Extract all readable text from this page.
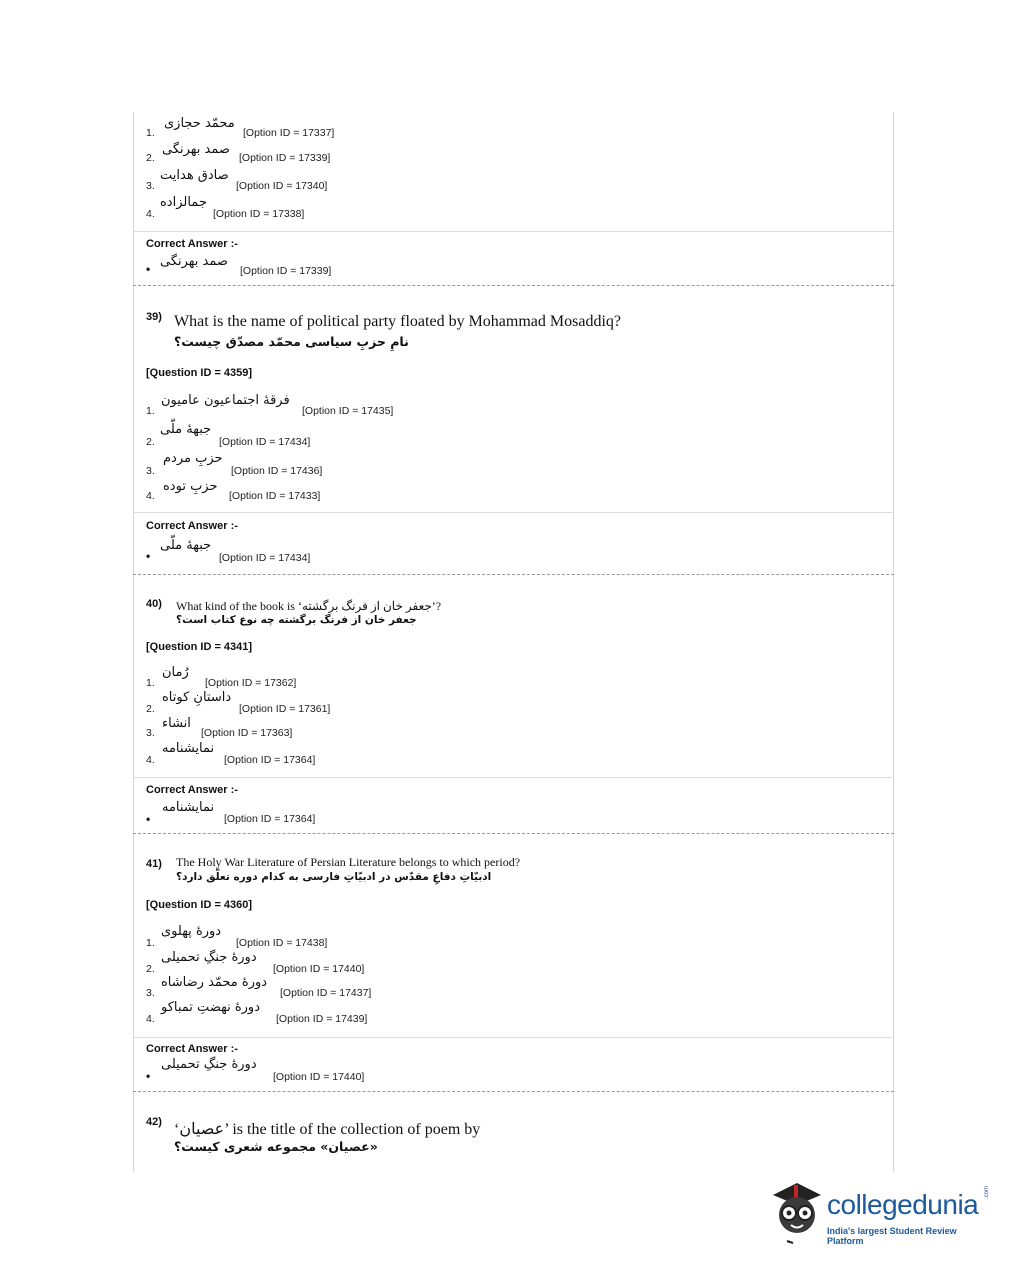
1.
محمّد حجازی
[Option ID = 17337]
2.
صمد بهرنگی
[Option ID = 17339]
3.
صادق هدایت
[Option ID = 17340]
4.
جمالزاده
[Option ID = 17338]
Correct Answer :-
• صمد بهرنگی
[Option ID = 17339]
39) What is the name of political party floated by Mohammad Mosaddiq?
نامِ حزبِ سیاسی محمّد مصدّق چیست؟
[Question ID = 4359]
1.
فرقهٔ اجتماعیون عامیون
[Option ID = 17435]
2.
جبههٔ ملّی
[Option ID = 17434]
3.
حزبِ مردم
[Option ID = 17436]
4.
حزبِ توده
[Option ID = 17433]
Correct Answer :-
•
جبههٔ ملّی
[Option ID = 17434]
40) What kind of the book is ‘جعفر خان از فرنگ برگشته’?
جعفر خان از فرنگ برگشته چه نوع کتاب است؟
[Question ID = 4341]
1.
رُمان
[Option ID = 17362]
2.
داستانِ کوتاه
[Option ID = 17361]
3.
انشاء
[Option ID = 17363]
4.
نمایشنامه
[Option ID = 17364]
Correct Answer :-
•
نمایشنامه
[Option ID = 17364]
41) The Holy War Literature of Persian Literature belongs to which period?
ادبیّاتِ دفاعِ مقدّس در ادبیّاتِ فارسی به کدام دوره تعلّق دارد؟
[Question ID = 4360]
1.
دورهٔ پهلوی
[Option ID = 17438]
2.
دورهٔ جنگِ تحمیلی
[Option ID = 17440]
3.
دورهٔ محمّد رضاشاه
[Option ID = 17437]
4.
دورهٔ نهضتِ تمباکو
[Option ID = 17439]
Correct Answer :-
•
دورهٔ جنگِ تحمیلی
[Option ID = 17440]
42) ‘عصیان’ is the title of the collection of poem by
«عصیان» مجموعه شعری کیست؟
collegedunia .com
India's largest Student Review Platform
